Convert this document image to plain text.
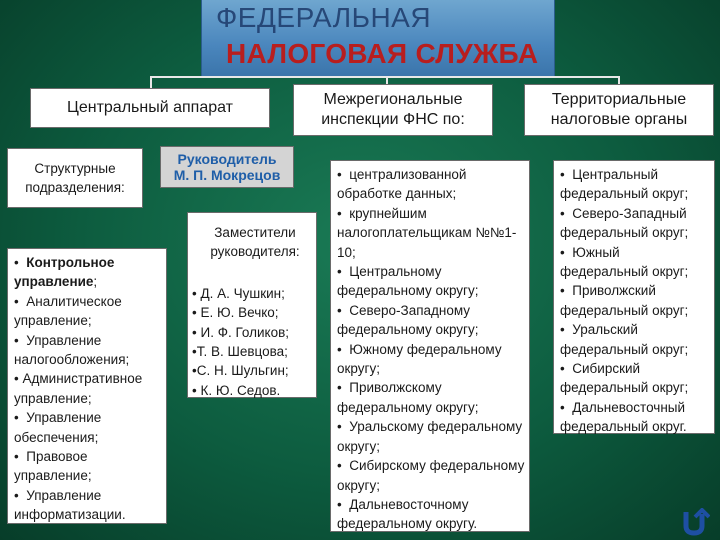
ФЕДЕРАЛЬНАЯ
НАЛОГОВАЯ СЛУЖБА
Центральный аппарат	Межрегиональные инспекции ФНС по:
Территориальные налоговые органы
Структурные подразделения:
Руководитель
М. П. Мокрецов
Заместители руководителя:
• Д. А. Чушкин;
• Е. Ю. Вечко;
• И. Ф. Голиков;
•Т. В. Шевцова;
•С. Н. Шульгин;
• К. Ю. Седов.
• Контрольное управление;
• Аналитическое управление;
• Управление налогообложения;
• Административное управление;
• Управление обеспечения;
• Правовое управление;
• Управление информатизации.
• централизованной обработке данных;
• крупнейшим налогоплательщикам №№1-10;
• Центральному федеральному округу;
• Северо-Западному федеральному округу;
• Южному федеральному округу;
• Приволжскому федеральному округу;
• Уральскому федеральному округу;
• Сибирскому федеральному округу;
• Дальневосточному федеральному округу.
• Центральный федеральный округ;
• Северо-Западный федеральный округ;
• Южный федеральный округ;
• Приволжский федеральный округ;
• Уральский федеральный округ;
• Сибирский федеральный округ;
• Дальневосточный федеральный округ.
